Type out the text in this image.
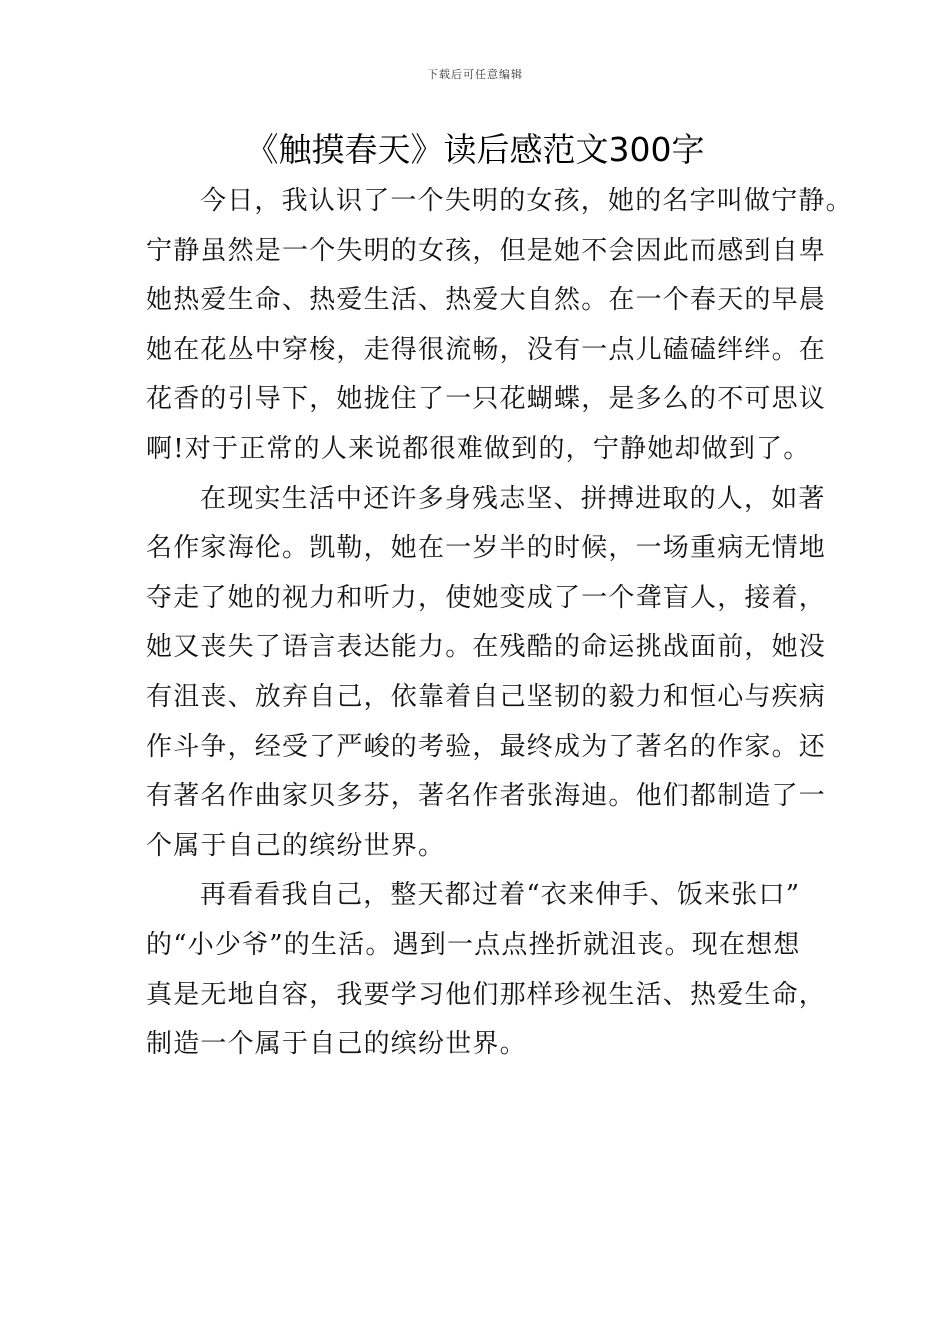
下载后可任意编辑
《触摸春天》读后感范文300字
今日，我认识了一个失明的女孩，她的名字叫做宁静。
宁静虽然是一个失明的女孩，但是她不会因此而感到自卑
她热爱生命、热爱生活、热爱大自然。在一个春天的早晨
她在花丛中穿梭，走得很流畅，没有一点儿磕磕绊绊。在
花香的引导下，她拢住了一只花蝴蝶，是多么的不可思议
啊!对于正常的人来说都很难做到的，宁静她却做到了。
在现实生活中还许多身残志坚、拼搏进取的人，如著
名作家海伦。凯勒，她在一岁半的时候，一场重病无情地
夺走了她的视力和听力，使她变成了一个聋盲人，接着，
她又丧失了语言表达能力。在残酷的命运挑战面前，她没
有沮丧、放弃自己，依靠着自己坚韧的毅力和恒心与疾病
作斗争，经受了严峻的考验，最终成为了著名的作家。还
有著名作曲家贝多芬，著名作者张海迪。他们都制造了一
个属于自己的缤纷世界。
再看看我自己，整天都过着“衣来伸手、饭来张口”
的“小少爷”的生活。遇到一点点挫折就沮丧。现在想想
真是无地自容，我要学习他们那样珍视生活、热爱生命，
制造一个属于自己的缤纷世界。
